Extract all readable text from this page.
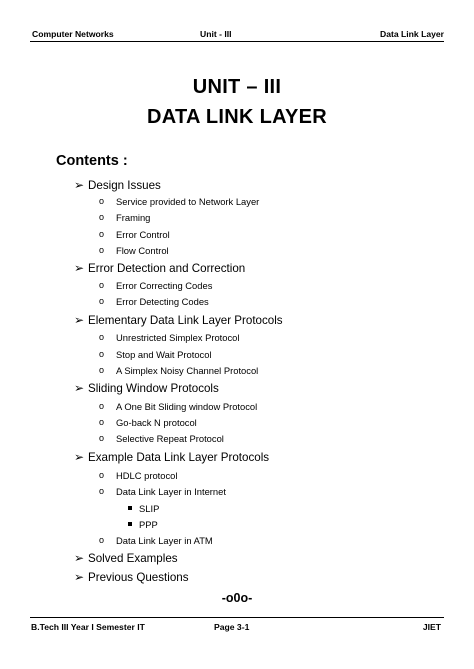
Computer Networks	Unit - III	Data Link Layer
UNIT – III
DATA LINK LAYER
Contents :
➢ Design Issues
o Service provided to Network Layer
o Framing
o Error Control
o Flow Control
➢ Error Detection and Correction
o Error Correcting Codes
o Error Detecting Codes
➢ Elementary Data Link Layer Protocols
o Unrestricted Simplex Protocol
o Stop and Wait Protocol
o A Simplex Noisy Channel Protocol
➢ Sliding Window Protocols
o A One Bit Sliding window Protocol
o Go-back N protocol
o Selective Repeat Protocol
➢ Example Data Link Layer Protocols
o HDLC protocol
o Data Link Layer in Internet
SLIP
PPP
o Data Link Layer in ATM
➢ Solved Examples
➢ Previous Questions
-o0o-
B.Tech III Year I Semester IT	Page 3-1	JIET
